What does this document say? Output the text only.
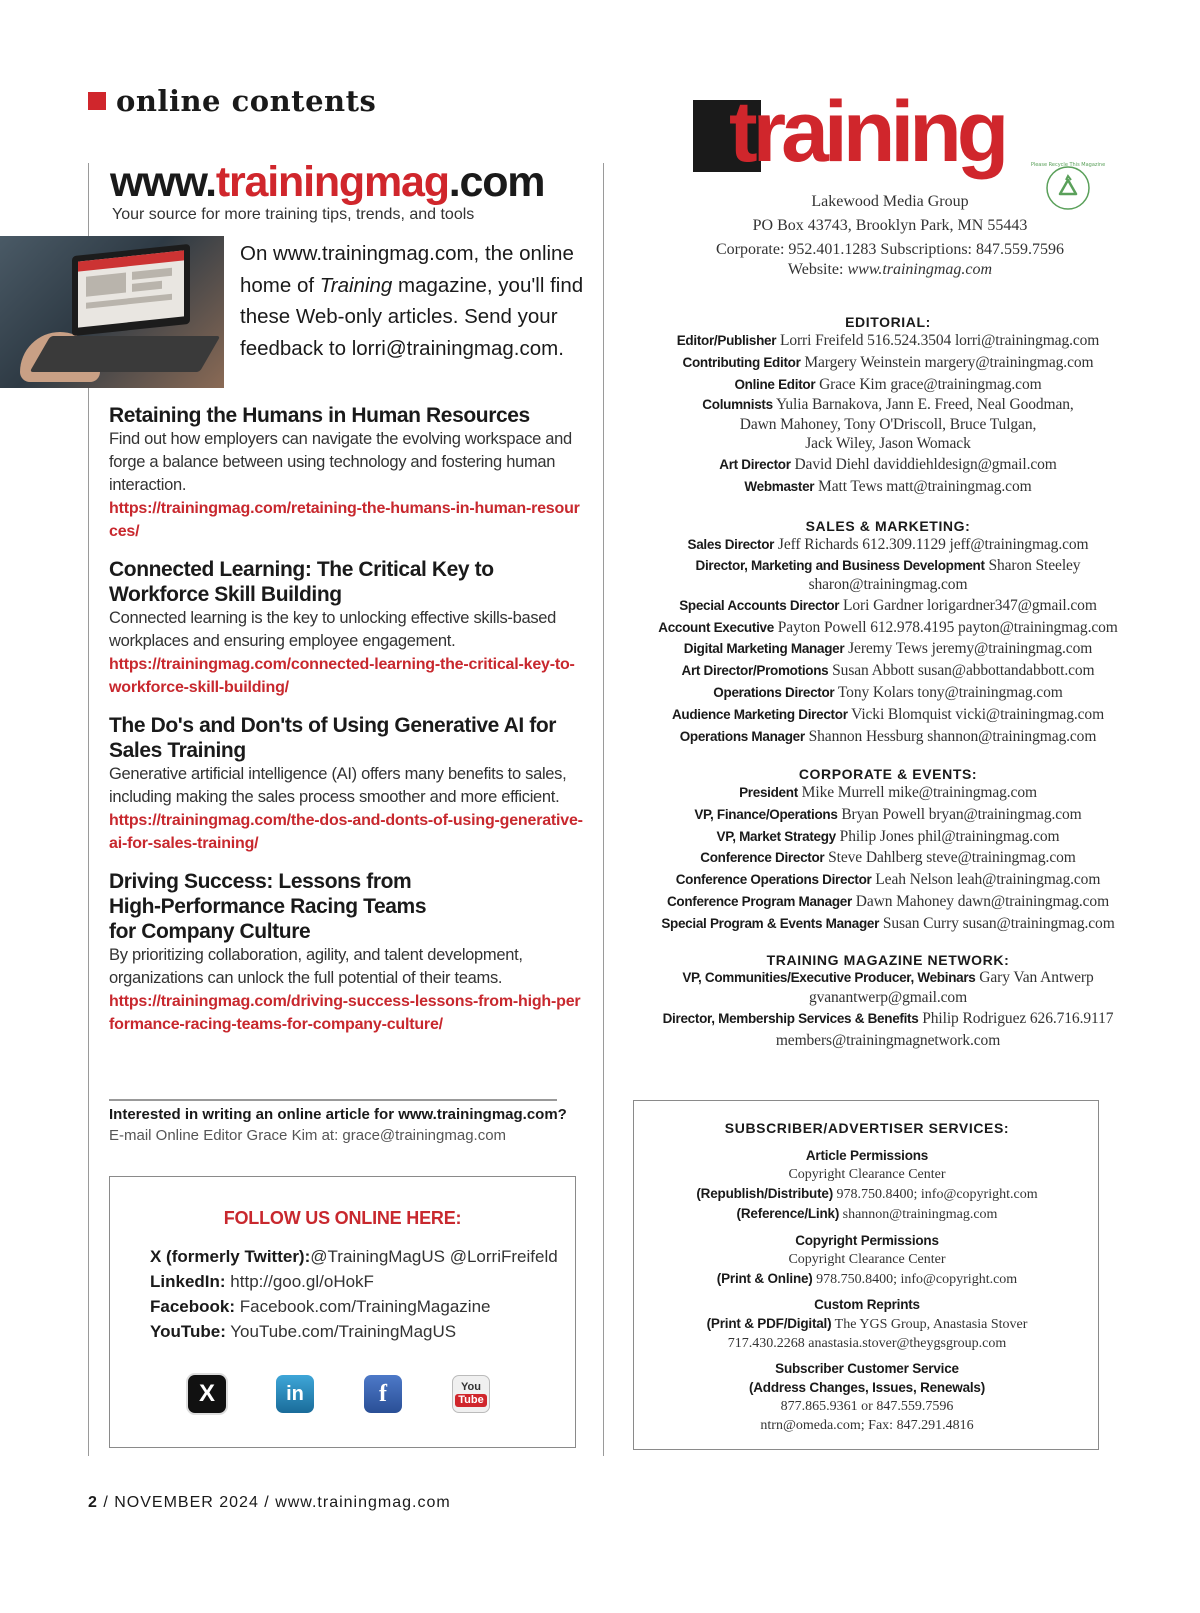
online contents
www.trainingmag.com
Your source for more training tips, trends, and tools
On www.trainingmag.com, the online home of Training magazine, you'll find these Web-only articles. Send your feedback to lorri@trainingmag.com.
Retaining the Humans in Human Resources

Find out how employers can navigate the evolving workspace and forge a balance between using technology and fostering human interaction.

https://trainingmag.com/retaining-the-humans-in-human-resources/
Connected Learning: The Critical Key to Workforce Skill Building

Connected learning is the key to unlocking effective skills-based workplaces and ensuring employee engagement.

https://trainingmag.com/connected-learning-the-critical-key-to-workforce-skill-building/
The Do's and Don'ts of Using Generative AI for Sales Training

Generative artificial intelligence (AI) offers many benefits to sales, including making the sales process smoother and more efficient.

https://trainingmag.com/the-dos-and-donts-of-using-generative-ai-for-sales-training/
Driving Success: Lessons from High-Performance Racing Teams for Company Culture

By prioritizing collaboration, agility, and talent development, organizations can unlock the full potential of their teams.

https://trainingmag.com/driving-success-lessons-from-high-performance-racing-teams-for-company-culture/
Interested in writing an online article for www.trainingmag.com?
E-mail Online Editor Grace Kim at: grace@trainingmag.com
FOLLOW US ONLINE HERE:
X (formerly Twitter):@TrainingMagUS @LorriFreifeld
LinkedIn: http://goo.gl/oHokF
Facebook: Facebook.com/TrainingMagazine
YouTube: YouTube.com/TrainingMagUS
X	in	f	You
Tube
2 / NOVEMBER 2024 / www.trainingmag.com
training	Please Recycle This Magazine
Lakewood Media Group
PO Box 43743, Brooklyn Park, MN 55443
Corporate: 952.401.1283 Subscriptions: 847.559.7596
Website: www.trainingmag.com
EDITORIAL:
Editor/Publisher Lorri Freifeld 516.524.3504 lorri@trainingmag.com
Contributing Editor Margery Weinstein margery@trainingmag.com
Online Editor Grace Kim grace@trainingmag.com
Columnists Yulia Barnakova, Jann E. Freed, Neal Goodman,
Dawn Mahoney, Tony O'Driscoll, Bruce Tulgan,
Jack Wiley, Jason Womack
Art Director David Diehl daviddiehldesign@gmail.com
Webmaster Matt Tews matt@trainingmag.com
SALES & MARKETING:
Sales Director Jeff Richards 612.309.1129 jeff@trainingmag.com
Director, Marketing and Business Development Sharon Steeley
sharon@trainingmag.com
Special Accounts Director Lori Gardner lorigardner347@gmail.com
Account Executive Payton Powell 612.978.4195 payton@trainingmag.com
Digital Marketing Manager Jeremy Tews jeremy@trainingmag.com
Art Director/Promotions Susan Abbott susan@abbottandabbott.com
Operations Director Tony Kolars tony@trainingmag.com
Audience Marketing Director Vicki Blomquist vicki@trainingmag.com
Operations Manager Shannon Hessburg shannon@trainingmag.com
CORPORATE & EVENTS:
President Mike Murrell mike@trainingmag.com
VP, Finance/Operations Bryan Powell bryan@trainingmag.com
VP, Market Strategy Philip Jones phil@trainingmag.com
Conference Director Steve Dahlberg steve@trainingmag.com
Conference Operations Director Leah Nelson leah@trainingmag.com
Conference Program Manager Dawn Mahoney dawn@trainingmag.com
Special Program & Events Manager Susan Curry susan@trainingmag.com
TRAINING MAGAZINE NETWORK:
VP, Communities/Executive Producer, Webinars Gary Van Antwerp
gvanantwerp@gmail.com
Director, Membership Services & Benefits Philip Rodriguez 626.716.9117
members@trainingmagnetwork.com
SUBSCRIBER/ADVERTISER SERVICES:
Article Permissions
Copyright Clearance Center
(Republish/Distribute) 978.750.8400; info@copyright.com
(Reference/Link) shannon@trainingmag.com
Copyright Permissions
Copyright Clearance Center
(Print & Online) 978.750.8400; info@copyright.com
Custom Reprints
(Print & PDF/Digital) The YGS Group, Anastasia Stover
717.430.2268 anastasia.stover@theygsgroup.com
Subscriber Customer Service
(Address Changes, Issues, Renewals)
877.865.9361 or 847.559.7596
ntrn@omeda.com; Fax: 847.291.4816
